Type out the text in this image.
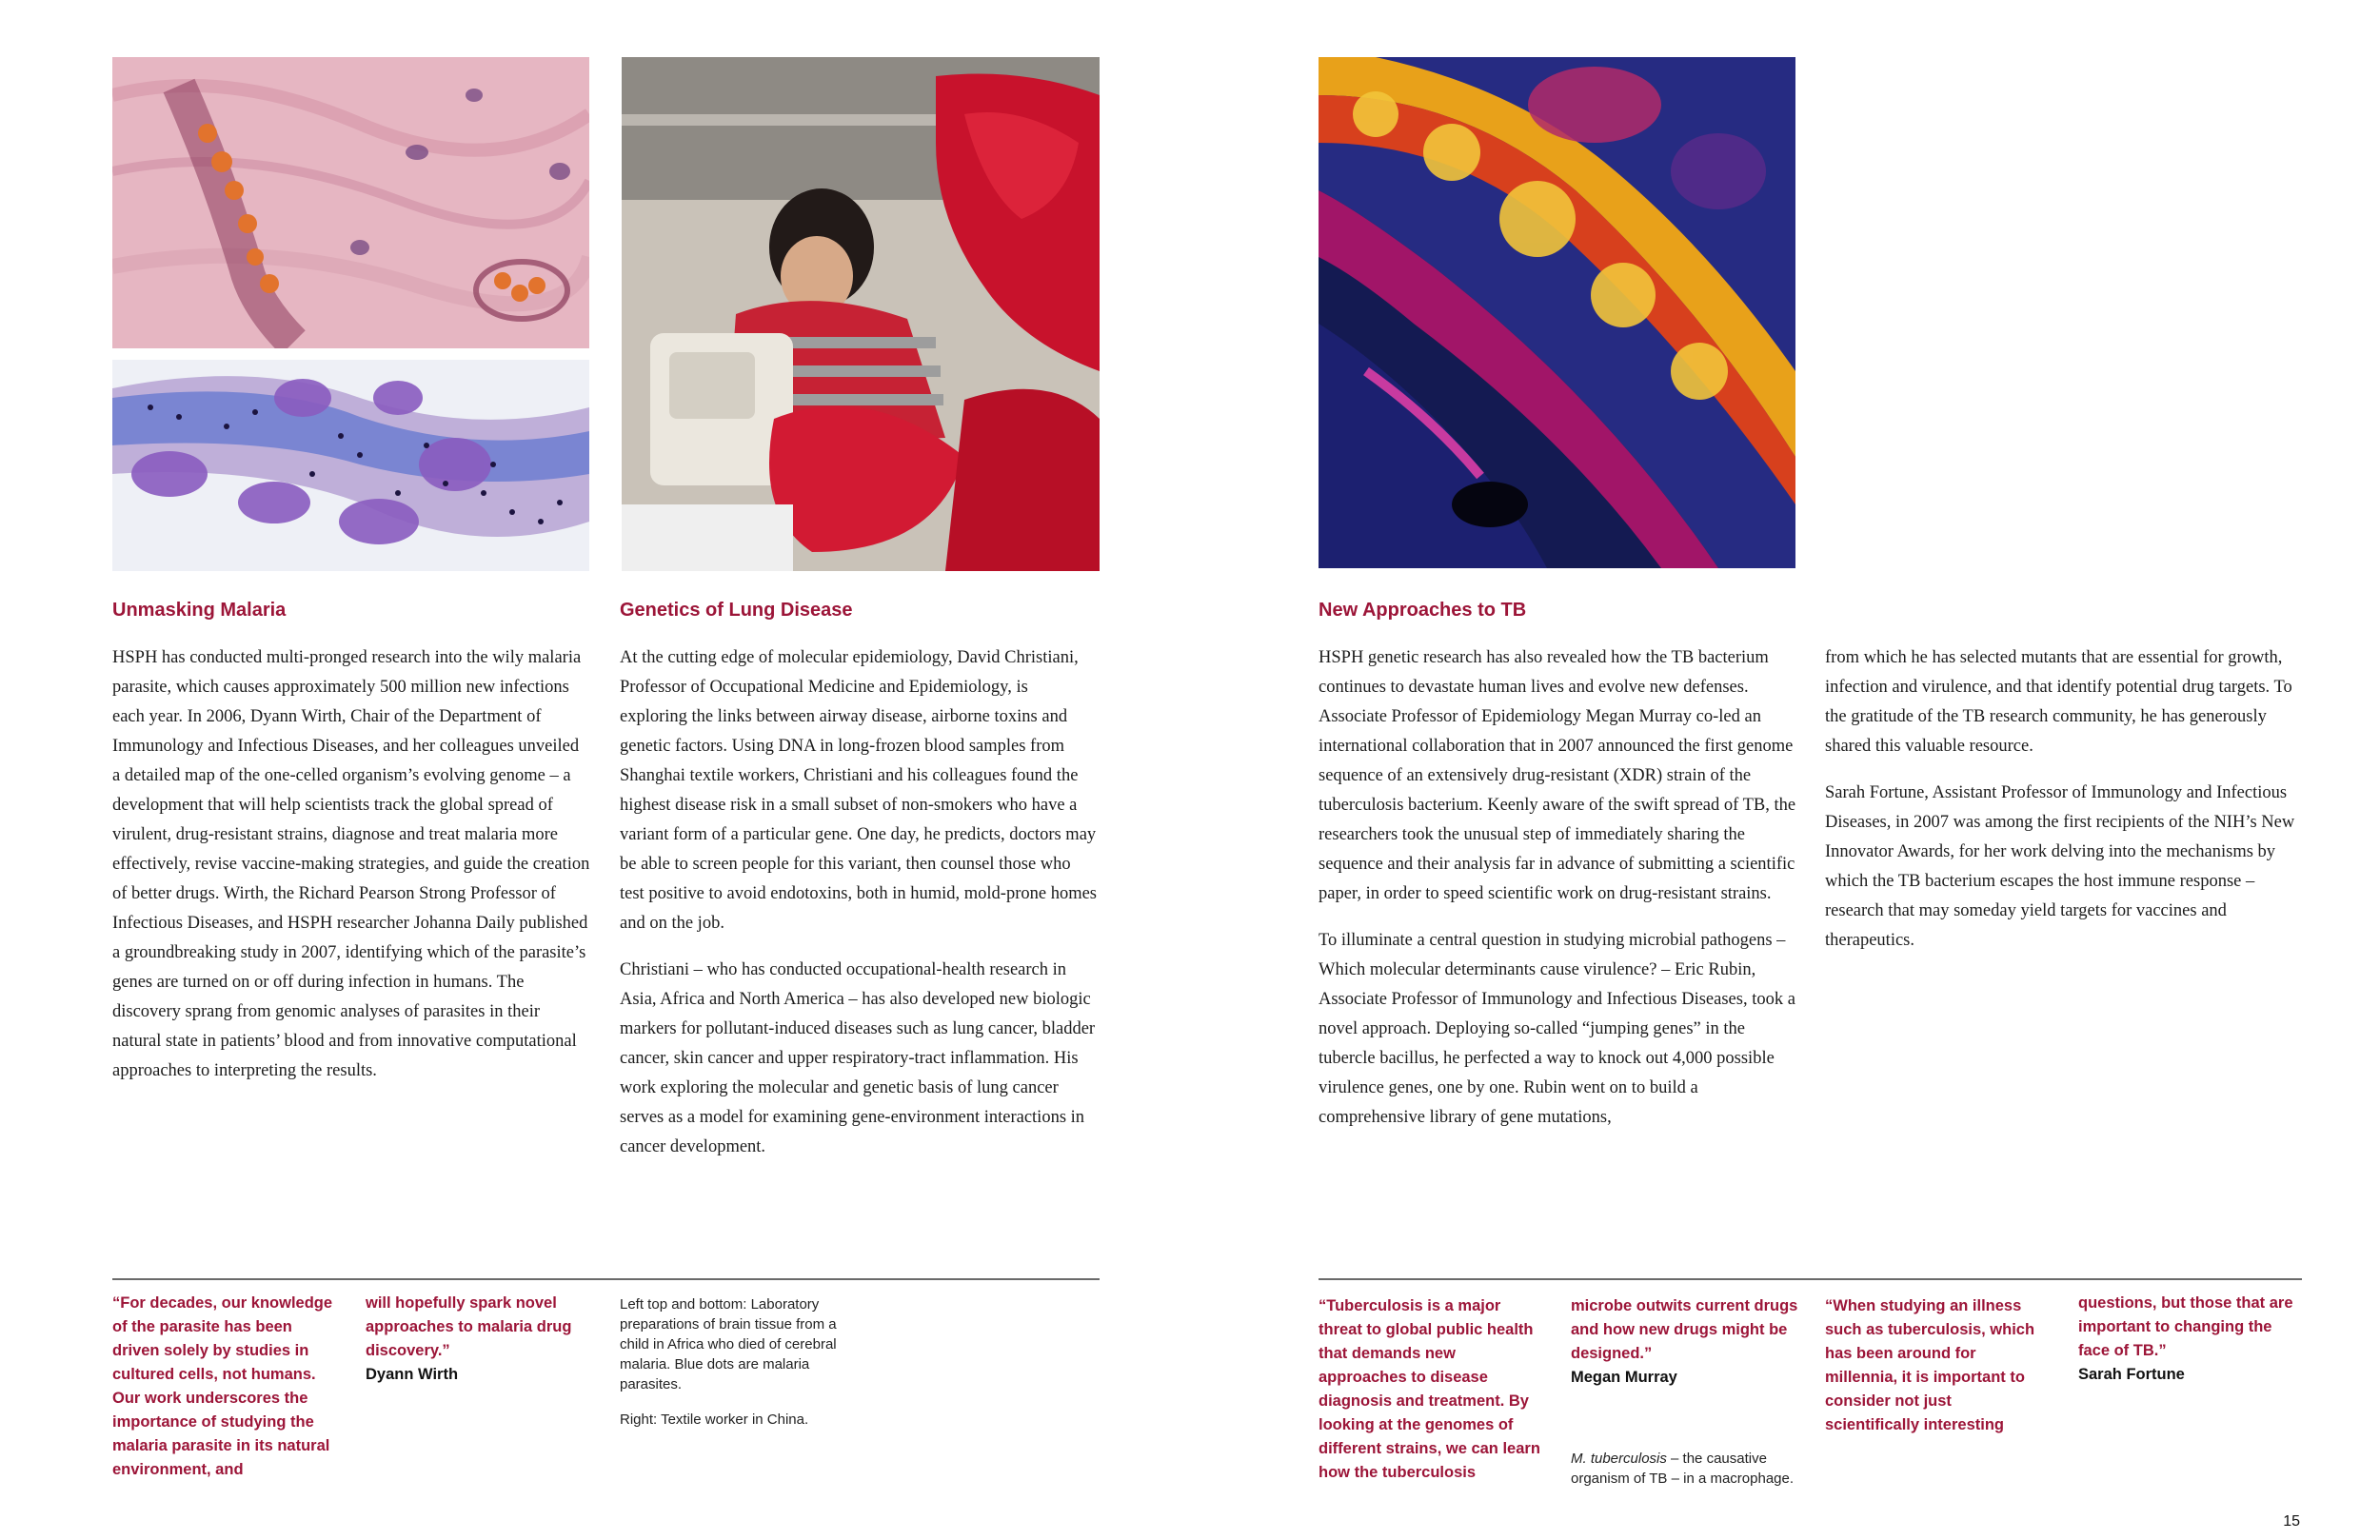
Unmasking Malaria

HSPH has conducted multi-pronged research into the wily malaria parasite, which causes approximately 500 million new infections each year. In 2006, Dyann Wirth, Chair of the Department of Immunology and Infectious Diseases, and her colleagues unveiled a detailed map of the one-celled organism’s evolving genome – a development that will help scientists track the global spread of virulent, drug-resistant strains, diagnose and treat malaria more effectively, revise vaccine-making strategies, and guide the creation of better drugs. Wirth, the Richard Pearson Strong Professor of Infectious Diseases, and HSPH researcher Johanna Daily published a groundbreaking study in 2007, identifying which of the parasite’s genes are turned on or off during infection in humans. The discovery sprang from genomic analyses of parasites in their natural state in patients’ blood and from innovative computational approaches to interpreting the results.

Genetics of Lung Disease

At the cutting edge of molecular epidemiology, David Christiani, Professor of Occupational Medicine and Epidemiology, is exploring the links between airway disease, airborne toxins and genetic factors. Using DNA in long-frozen blood samples from Shanghai textile workers, Christiani and his colleagues found the highest disease risk in a small subset of non-smokers who have a variant form of a particular gene. One day, he predicts, doctors may be able to screen people for this variant, then counsel those who test positive to avoid endotoxins, both in humid, mold-prone homes and on the job.

Christiani – who has conducted occupational-health research in Asia, Africa and North America – has also developed new biologic markers for pollutant-induced diseases such as lung cancer, bladder cancer, skin cancer and upper respiratory-tract inflammation. His work exploring the molecular and genetic basis of lung cancer serves as a model for examining gene-environment interactions in cancer development.

“For decades, our knowledge of the parasite has been driven solely by studies in cultured cells, not humans. Our work underscores the importance of studying the malaria parasite in its natural environment, and
will hopefully spark novel approaches to malaria drug discovery.”
Dyann Wirth

Left top and bottom: Laboratory preparations of brain tissue from a child in Africa who died of cerebral malaria. Blue dots are malaria parasites.

Right: Textile worker in China.

New Approaches to TB

HSPH genetic research has also revealed how the TB bacterium continues to devastate human lives and evolve new defenses. Associate Professor of Epidemiology Megan Murray co-led an international collaboration that in 2007 announced the first genome sequence of an extensively drug-resistant (XDR) strain of the tuberculosis bacterium. Keenly aware of the swift spread of TB, the researchers took the unusual step of immediately sharing the sequence and their analysis far in advance of submitting a scientific paper, in order to speed scientific work on drug-resistant strains.

To illuminate a central question in studying microbial pathogens – Which molecular determinants cause virulence? – Eric Rubin, Associate Professor of Immunology and Infectious Diseases, took a novel approach. Deploying so-called “jumping genes” in the tubercle bacillus, he perfected a way to knock out 4,000 possible virulence genes, one by one. Rubin went on to build a comprehensive library of gene mutations,

from which he has selected mutants that are essential for growth, infection and virulence, and that identify potential drug targets. To the gratitude of the TB research community, he has generously shared this valuable resource.

Sarah Fortune, Assistant Professor of Immunology and Infectious Diseases, in 2007 was among the first recipients of the NIH’s New Innovator Awards, for her work delving into the mechanisms by which the TB bacterium escapes the host immune response – research that may someday yield targets for vaccines and therapeutics.

“Tuberculosis is a major threat to global public health that demands new approaches to disease diagnosis and treatment. By looking at the genomes of different strains, we can learn how the tuberculosis
microbe outwits current drugs and how new drugs might be designed.”
Megan Murray
M. tuberculosis – the causative organism of TB – in a macrophage.
“When studying an illness such as tuberculosis, which has been around for millennia, it is important to consider not just scientifically interesting
questions, but those that are important to changing the face of TB.”
Sarah Fortune
15
